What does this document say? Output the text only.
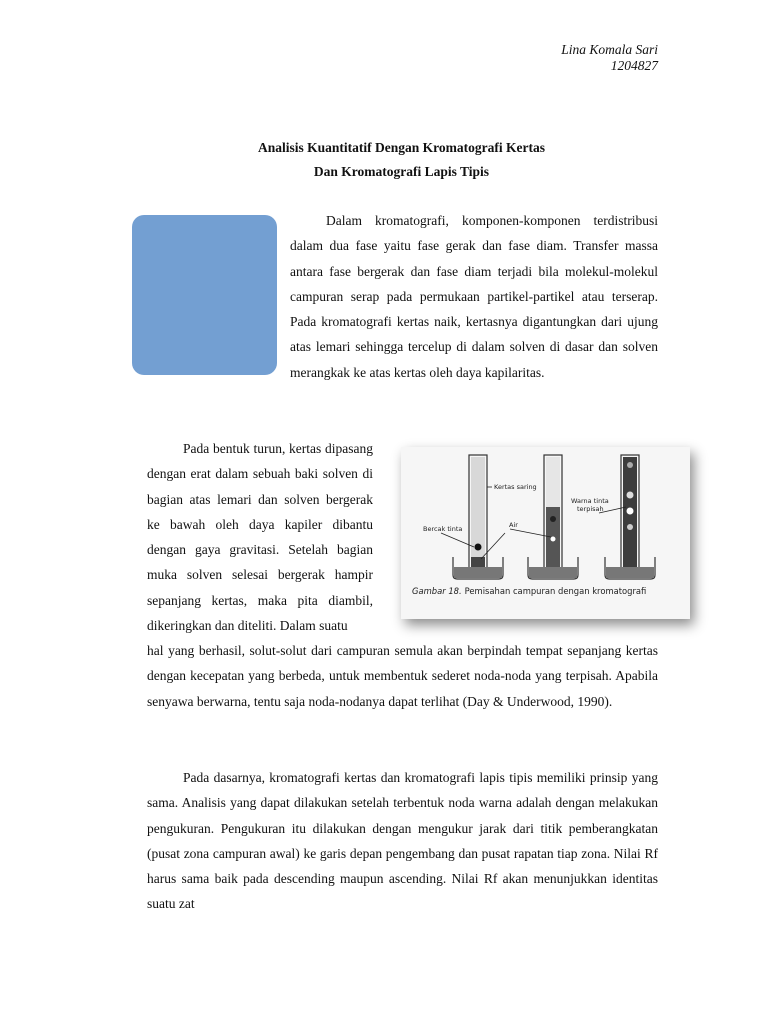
Lina Komala Sari
1204827
Analisis Kuantitatif Dengan Kromatografi Kertas
Dan Kromatografi Lapis Tipis

Dalam kromatografi, komponen-komponen terdistribusi dalam dua fase yaitu fase gerak dan fase diam. Transfer massa antara fase bergerak dan fase diam terjadi bila molekul-molekul campuran serap pada permukaan partikel-partikel atau terserap. Pada kromatografi kertas naik, kertasnya digantungkan dari ujung atas lemari sehingga tercelup di dalam solven di dasar dan solven merangkak ke atas kertas oleh daya kapilaritas.

Pada bentuk turun, kertas dipasang dengan erat dalam sebuah baki solven di bagian atas lemari dan solven bergerak ke bawah oleh daya kapiler dibantu dengan gaya gravitasi. Setelah bagian muka solven selesai bergerak hampir sepanjang kertas, maka pita diambil, dikeringkan dan diteliti. Dalam suatu

Kertas saring
Bercak tinta	Air
Warna tinta
terpisah
Gambar 18. Pemisahan campuran dengan kromatografi

hal yang berhasil, solut-solut dari campuran semula akan berpindah tempat sepanjang kertas dengan kecepatan yang berbeda, untuk membentuk sederet noda-noda yang terpisah. Apabila senyawa berwarna, tentu saja noda-nodanya dapat terlihat (Day & Underwood, 1990).

Pada dasarnya, kromatografi kertas dan kromatografi lapis tipis memiliki prinsip yang sama. Analisis yang dapat dilakukan setelah terbentuk noda warna adalah dengan melakukan pengukuran. Pengukuran itu dilakukan dengan mengukur jarak dari titik pemberangkatan (pusat zona campuran awal) ke garis depan pengembang dan pusat rapatan tiap zona. Nilai Rf harus sama baik pada descending maupun ascending. Nilai Rf akan menunjukkan identitas suatu zat
